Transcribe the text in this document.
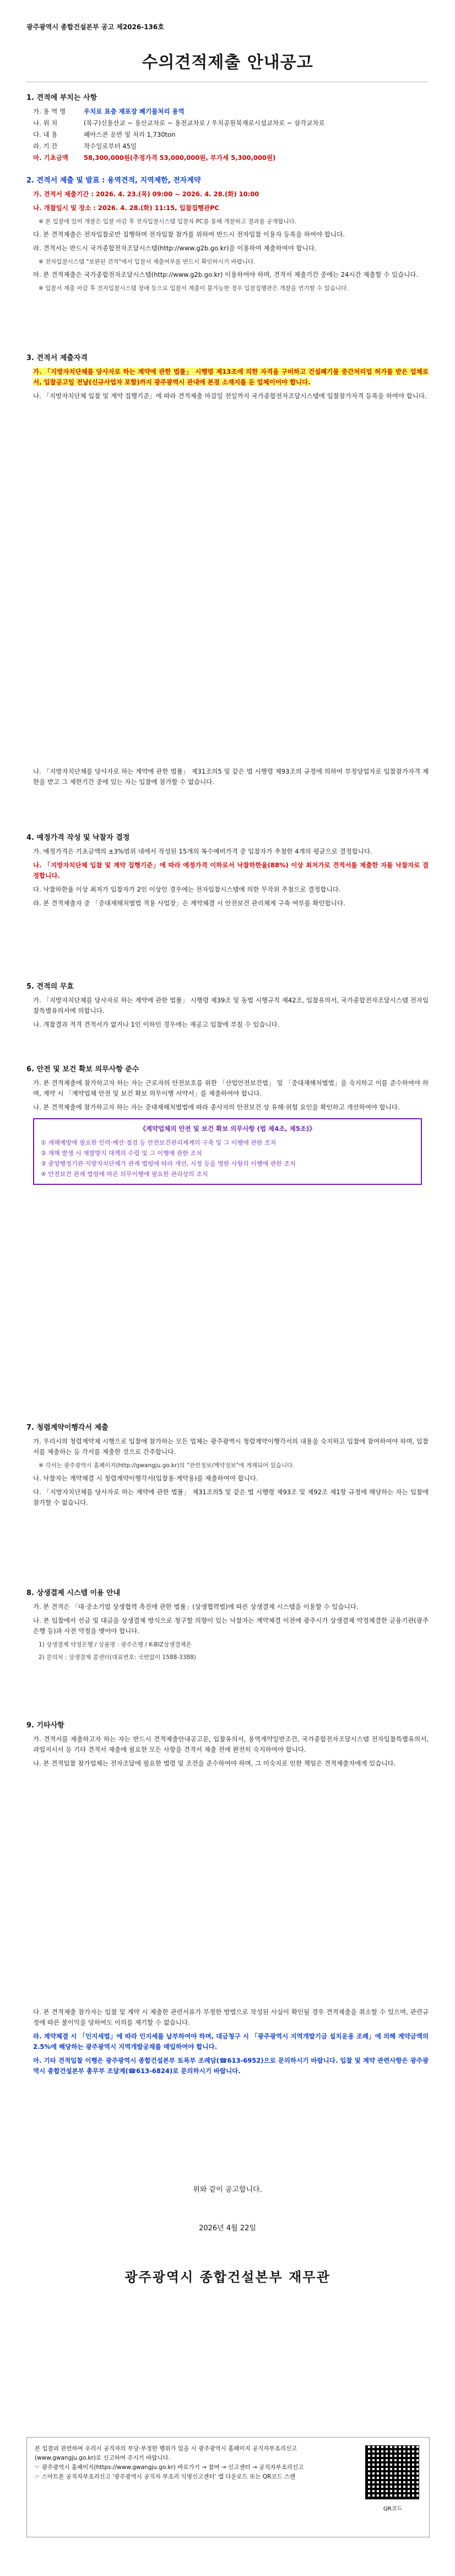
광주광역시 종합건설본부 공고 제2026-136호
수의견적제출 안내공고
1. 견적에 부치는 사항
가. 용 역 명	우치로 표층 재포장 폐기물처리 용역
나. 위 치	(북구)신용산교 ~ 용산교차로 ~ 용전교차로 / 우치공원북재로시설교차로 ~ 삼각교차로
다. 내 용	폐아스콘 운반 및 처리 1,730ton
라. 기 간	착수일로부터 45일
마. 기초금액	58,300,000원(추정가격 53,000,000원, 부가세 5,300,000원)
2. 견적서 제출 및 발표 : 용역견적, 지역제한, 전자계약
가. 견적서 제출기간 : 2026. 4. 23.(목) 09:00 ~ 2026. 4. 28.(화) 10:00
나. 개찰일시 및 장소 : 2026. 4. 28.(화) 11:15, 입찰집행관PC
※ 본 입찰에 있어 개찰은 입찰 마감 후 전자입찰시스템 입찰자 PC를 통해 개찰하고 결과를 공개합니다.
다. 본 견적제출은 전자입찰로만 집행하며 전자입찰 참가를 위하여 반드시 전자입찰 이용자 등록을 하여야 합니다.
라. 견적서는 반드시 국가종합전자조달시스템(http://www.g2b.go.kr)을 이용하여 제출하여야 합니다.
※ 전자입찰시스템 "보완된 견적"에서 입찰서 제출여부를 반드시 확인하시기 바랍니다.
마. 본 견적제출은 국가종합전자조달시스템(http://www.g2b.go.kr) 이용하여야 하며, 견적서 제출기간 중에는 24시간 제출할 수 있습니다.
※ 입찰서 제출 마감 후 전자입찰시스템 장애 등으로 입찰서 제출이 불가능한 경우 입찰집행관은 개찰을 연기할 수 있습니다.
3. 견적서 제출자격
가. 「지방자치단체를 당사자로 하는 계약에 관한 법률」 시행령 제13조에 의한 자격을 구비하고 건설폐기물 중간처리업 허가를 받은 업체로서, 입찰공고일 전날(신규사업자 포함)까지 광주광역시 관내에 본점 소재지를 둔 업체이어야 합니다.
나. 「지방자치단체 입찰 및 계약 집행기준」에 따라 견적제출 마감일 전일까지 국가종합전자조달시스템에 입찰참가자격 등록을 하여야 합니다.
나. 「지방자치단체를 당사자로 하는 계약에 관한 법률」 제31조의5 및 같은 법 시행령 제93조의 규정에 의하여 부정당업자로 입찰참가자격 제한을 받고 그 제한기간 중에 있는 자는 입찰에 참가할 수 없습니다.
4. 예정가격 작성 및 낙찰자 결정
가. 예정가격은 기초금액의 ±3%범위 내에서 작성된 15개의 복수예비가격 중 입찰자가 추첨한 4개의 평균으로 결정합니다.
나. 「지방자치단체 입찰 및 계약 집행기준」에 따라 예정가격 이하로서 낙찰하한율(88%) 이상 최저가로 견적서를 제출한 자를 낙찰자로 결정합니다.
다. 낙찰하한율 이상 최저가 입찰자가 2인 이상인 경우에는 전자입찰시스템에 의한 무작위 추첨으로 결정합니다.
라. 본 견적제출자 중 「중대재해처벌법 적용 사업장」은 계약체결 시 안전보건 관리체계 구축 여부를 확인합니다.
5. 견적의 무효
가. 「지방자치단체를 당사자로 하는 계약에 관한 법률」 시행령 제39조 및 동법 시행규칙 제42조, 입찰유의서, 국가종합전자조달시스템 전자입찰특별유의서에 의합니다.
나. 개찰결과 적격 견적서가 없거나 1인 이하인 경우에는 재공고 입찰에 부칠 수 있습니다.
6. 안전 및 보건 확보 의무사항 준수
가. 본 견적제출에 참가하고자 하는 자는 근로자의 안전보호를 위한 「산업안전보건법」 및 「중대재해처벌법」을 숙지하고 이를 준수하여야 하며, 계약 시 「계약업체 안전 및 보건 확보 의무이행 서약서」를 제출하여야 합니다.
나. 본 견적제출에 참가하고자 하는 자는 중대재해처벌법에 따라 종사자의 안전보건 상 유해·위험 요인을 확인하고 개선하여야 합니다.
《계약업체의 안전 및 보건 확보 의무사항 (법 제4조, 제5조)》
① 재해예방에 필요한 인력·예산·점검 등 안전보건관리체계의 구축 및 그 이행에 관한 조치
② 재해 발생 시 재발방지 대책의 수립 및 그 이행에 관한 조치
③ 중앙행정기관·지방자치단체가 관계 법령에 따라 개선, 시정 등을 명한 사항의 이행에 관한 조치
④ 안전보건 관계 법령에 따른 의무이행에 필요한 관리상의 조치
7. 청렴계약이행각서 제출
가. 우리시의 청렴계약제 시행으로 입찰에 참가하는 모든 업체는 광주광역시 청렴계약이행각서의 내용을 숙지하고 입찰에 참여하여야 하며, 입찰서를 제출하는 등 각서를 제출한 것으로 간주합니다.
※ 각서는 광주광역시 홈페이지(http://gwangju.go.kr)의 "관련정보/계약정보"에 게재되어 있습니다.
나. 낙찰자는 계약체결 시 청렴계약이행각서(입찰용·계약용)를 제출하여야 합니다.
다. 「지방자치단체를 당사자로 하는 계약에 관한 법률」 제31조의5 및 같은 법 시행령 제93조 및 제92조 제1항 규정에 해당하는 자는 입찰에 참가할 수 없습니다.
8. 상생결제 시스템 이용 안내
가. 본 견적은 「대·중소기업 상생협력 촉진에 관한 법률」(상생협력법)에 따른 상생결제 시스템을 이용할 수 있습니다.
나. 본 입찰에서 선금 및 대금을 상생결제 방식으로 청구할 의향이 있는 낙찰자는 계약체결 이전에 광주시가 상생결제 약정체결한 금융기관(광주은행 등)과 사전 약정을 맺어야 합니다.
1) 상생결제 약정은행 / 상품명 : 광주은행 / K-BIZ상생결제론
2) 문의처 : 상생결제 콜센터(대표번호: 국번없이 1588-3388)
9. 기타사항
가. 견적서를 제출하고자 하는 자는 반드시 견적제출안내공고문, 입찰유의서, 용역계약일반조건, 국가종합전자조달시스템 전자입찰특별유의서, 과업지시서 등 기타 견적서 제출에 필요한 모든 사항을 견적서 제출 전에 완전히 숙지하여야 합니다.
나. 본 견적입찰 참가업체는 전자조달에 필요한 법령 및 조건을 준수하여야 하며, 그 미숙지로 인한 책임은 견적제출자에게 있습니다.
다. 본 견적제출 참가자는 입찰 및 계약 시 제출한 관련서류가 부정한 방법으로 작성된 사실이 확인될 경우 견적제출을 취소할 수 있으며, 관련규정에 따른 불이익을 당하여도 이의를 제기할 수 없습니다.
라. 계약체결 시 「인지세법」에 따라 인지세를 납부하여야 하며, 대금청구 시 「광주광역시 지역개발기금 설치운용 조례」에 의해 계약금액의 2.5%에 해당하는 광주광역시 지역개발공채를 매입하여야 합니다.
마. 기타 견적입찰 이행은 광주광역시 종합건설본부 토목부 조례담(☎613-6952)으로 문의하시기 바랍니다. 입찰 및 계약 관련사항은 광주광역시 종합건설본부 총무부 조달계(☎613-6824)로 문의하시기 바랍니다.
위와 같이 공고합니다.
2026년 4월 22일
광주광역시 종합건설본부 재무관
본 입찰과 관련하여 우리시 공직자의 부당·부정한 행위가 있을 시 광주광역시 홈페이지 공직자부조리신고(www.gwangju.go.kr)로 신고하여 주시기 바랍니다.
☞ 광주광역시 홈페이지(https://www.gwangju.go.kr) 바로가기 → 참여 → 신고센터 → 공직자부조리신고
☞ 스마트폰 공직자부조리신고 '광주광역시 공직자 부조리 익명신고센터' 앱 다운로드 또는 QR코드 스캔
QR코드
